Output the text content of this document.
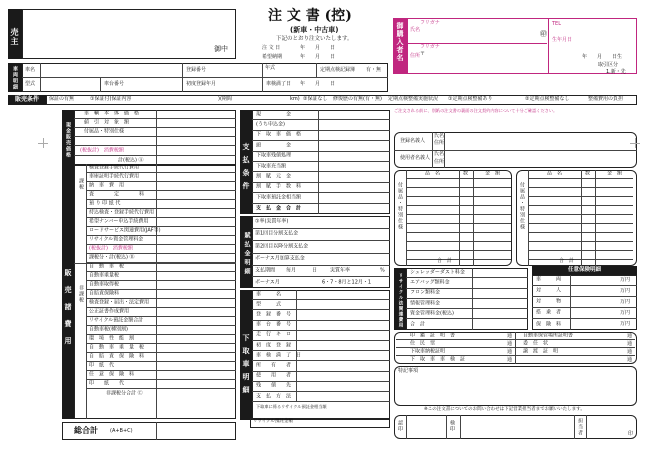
売主
御中
注 文 書 (控)
(新車・中古車)
下記のとおり注文いたします。
注 文 日	年　　月　　日
希望納期	年　　月　　日	御購入者名	フリガナ
氏名	㊞
フリガナ
住所 〒
TEL
生年月日
年　　月　　日生
取引区分
1.新・先
車両明細	車名	登録番号	年式	定期点検記録簿 有・無
型式	車台番号	初度登録年月	車検満了日 年　　月　　日
販売条件	保証の有無	①保証付(保証内容	)(期間	km) ②保証なし 修復歴の有無(有・無) 定期点検整備実施状況 ①定期点検整備あり	②定期点検整備なし	整備費用の負担
現金販売価格
車　輌　本　体　価　格
値　引　対　象　額
付属品・特別仕様
(税抜計)　消費税額
計(税込) Ⓐ
販売諸費用
課税
検査登録手続代行費用
車庫証明手続代行費用
納　車　費　用
査　　　　定　　　　料
預 り 印 紙 代
持込検査・登録手続代行費用
希望ナンバー申込手続費用
ロードサービス関連費用(JAF等)
リサイクル資金管理料金
(税抜計)　消費税額
課税分・計(税込) Ⓑ
非課税
自　動　車　税
自動車重量税
自動車取得税
自賠責保険料
検査登録・届出・法定費用
公正証書作成費用
リサイクル預託金額合計
自動車税(種別割)
環　境　性　能　割
自　動　車　重　量　税
自　賠　責　保　険　料
印　紙　代
任　意　保　険　料
印　　紙　　代
非課税分合計 Ⓒ
総合計 (A+B+C)
支払条件
現　　　　　金
(うち申込金)
下　取　車　価　格
頭　　　　　金
下取車残債処理
下取車充当額
割　賦　元　金
割　賦　手　数　料
下取車預託金相当額
支　払　金　合　計
賦払金明細
①率(実質年率)
第1回目分割支払金
第2回目以降分割支払金
ボーナス月加算支払金
支払期間 毎月	日	実質年率	%
ボーナス月	6・7・8月と12月・1
下取車明細
車　　　名
型　　　式
登　録　番　号
車　台　番　号
走　行　キ　ロ
初　度　登　録
車　検　満　了　日
所　　有　　者
使　　用　　者
残　　債　　先
支　払　方　法
下取車に係るリサイクル預託金相当額
リサイクル預託金額
ご注文される前に、別紙の注文書の裏面の注文契約内容について十分ご確認ください。
登録名義人
使用者名義人
氏名
住所
氏名
住所
付属品・特別仕様
品　名	数	金　額
合　計
付属品・特別仕様
品　名	数	金　額
合　計
リサイクル法関連費用
シュレッダーダスト料金
エアバッグ類料金
フロン類料金
情報管理料金
資金管理料金(税込)
合　計
任意保険明細
車　　　両	万円
対　　　人	万円
対　　　物	万円
搭　乗　者	万円
保　険　料	万円
印　鑑　証　明　書	通 自動車保管場所証明書	通
住　民　票	通 委　任　状	通
下取車納税証明	通 譲　渡　証　明	通
下　取　車　車　検　証	通	通
特記事項
※この注文書についてのお問い合わせは下記営業担当者までお願いいたします。
認印	検印	担当者	印
